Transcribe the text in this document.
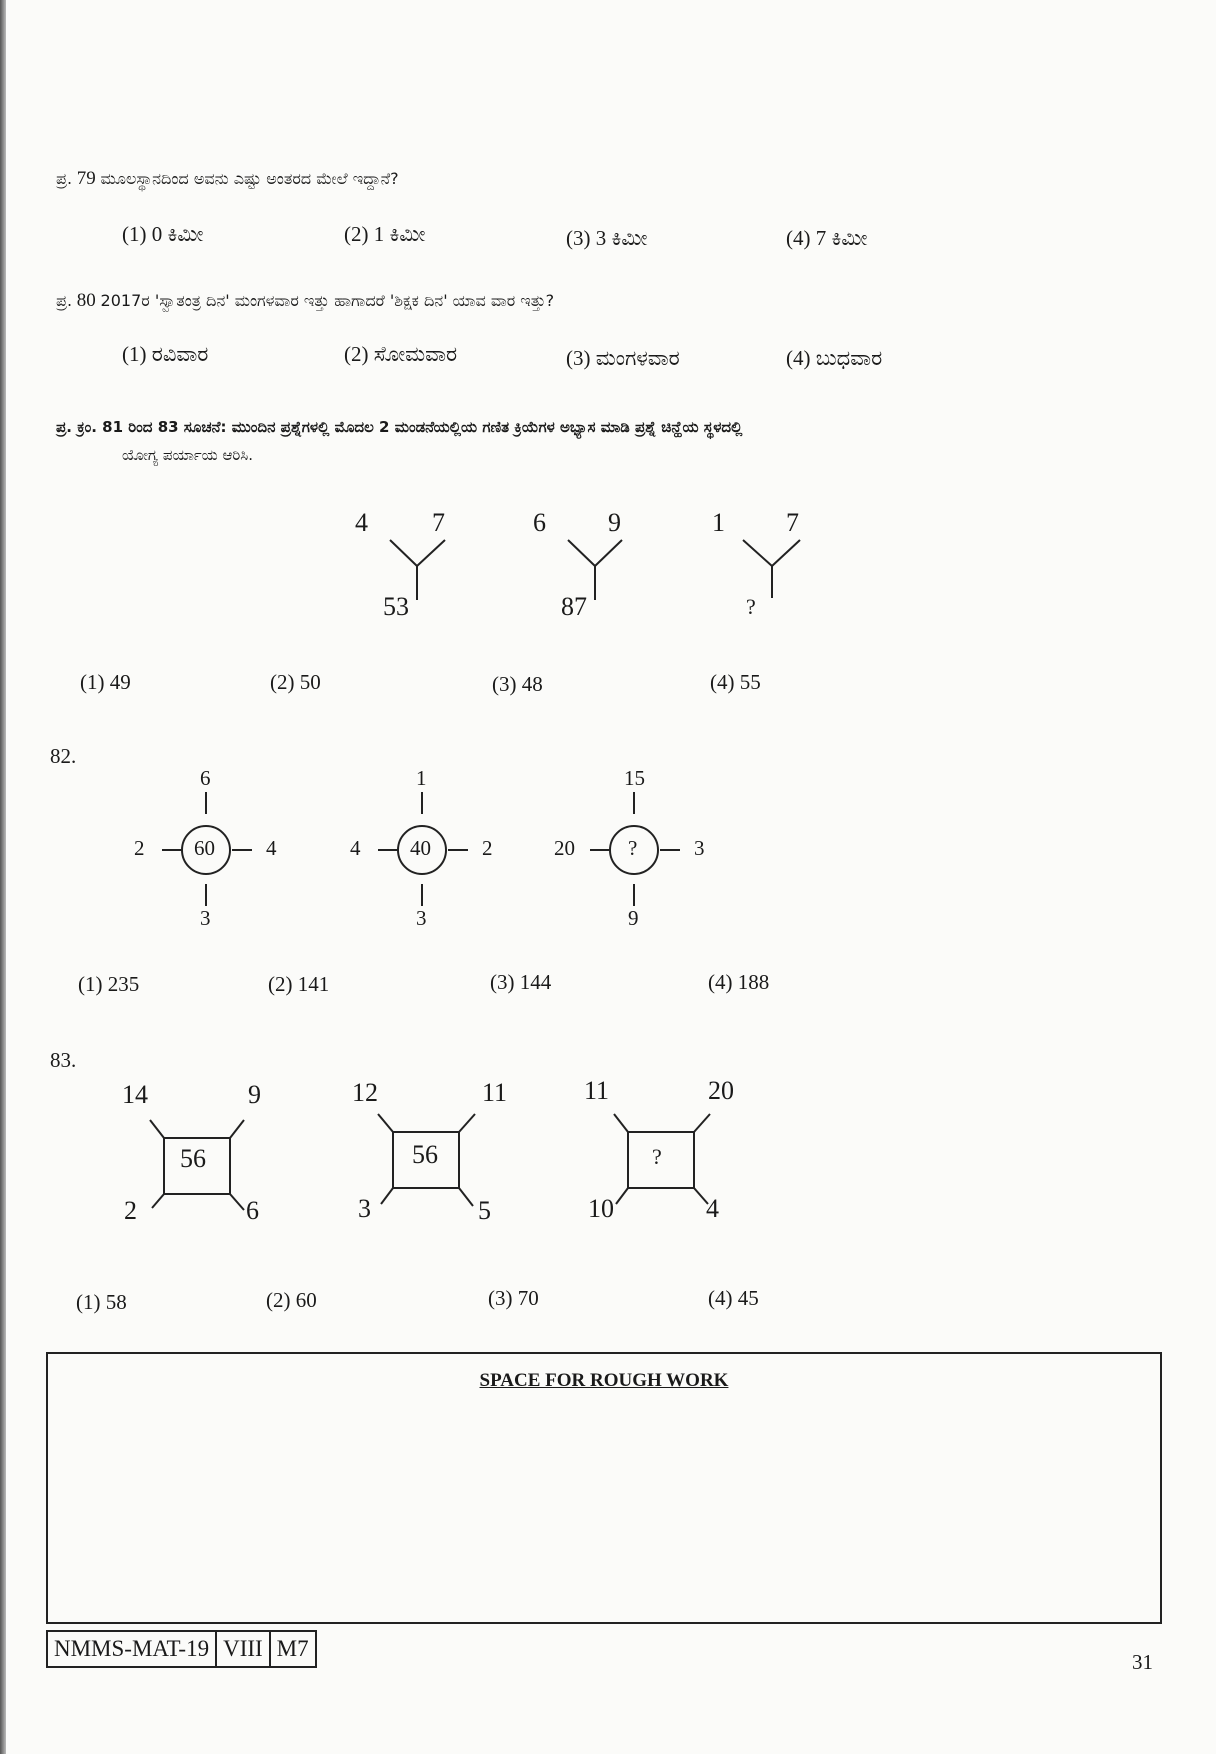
ಪ್ರ. 79 ಮೂಲಸ್ಥಾನದಿಂದ ಅವನು ಎಷ್ಟು ಅಂತರದ ಮೇಲೆ ಇದ್ದಾನೆ?
(1) 0 ಕಿಮೀ	(2) 1 ಕಿಮೀ	(3) 3 ಕಿಮೀ	(4) 7 ಕಿಮೀ
ಪ್ರ. 80 2017ರ 'ಸ್ವಾತಂತ್ರ ದಿನ' ಮಂಗಳವಾರ ಇತ್ತು ಹಾಗಾದರೆ 'ಶಿಕ್ಷಕ ದಿನ' ಯಾವ ವಾರ ಇತ್ತು?
(1) ರವಿವಾರ	(2) ಸೋಮವಾರ	(3) ಮಂಗಳವಾರ	(4) ಬುಧವಾರ
ಪ್ರ. ಕ್ರಂ. 81 ರಿಂದ 83 ಸೂಚನೆ: ಮುಂದಿನ ಪ್ರಶ್ನೆಗಳಲ್ಲಿ ಮೊದಲ 2 ಮಂಡನೆಯಲ್ಲಿಯ ಗಣಿತ ಕ್ರಿಯೆಗಳ ಅಭ್ಯಾಸ ಮಾಡಿ ಪ್ರಶ್ನೆ ಚಿನ್ಹೆಯ ಸ್ಥಳದಲ್ಲಿ
ಯೋಗ್ಯ ಪರ್ಯಾಯ ಆರಿಸಿ.
4 7
53
6 9
87
1 7
?
(1) 49	(2) 50	(3) 48	(4) 55
82.
6
2 60 4
3
1
4 40 2
3
15
20	?	3
9
(1) 235	(2) 141	(3) 144	(4) 188
83.
14	9
56
2	6
12	11
56
3	5
11	20
?
10	4
(1) 58	(2) 60	(3) 70	(4) 45
SPACE FOR ROUGH WORK
NMMS-MAT-19 VIII M7
31
